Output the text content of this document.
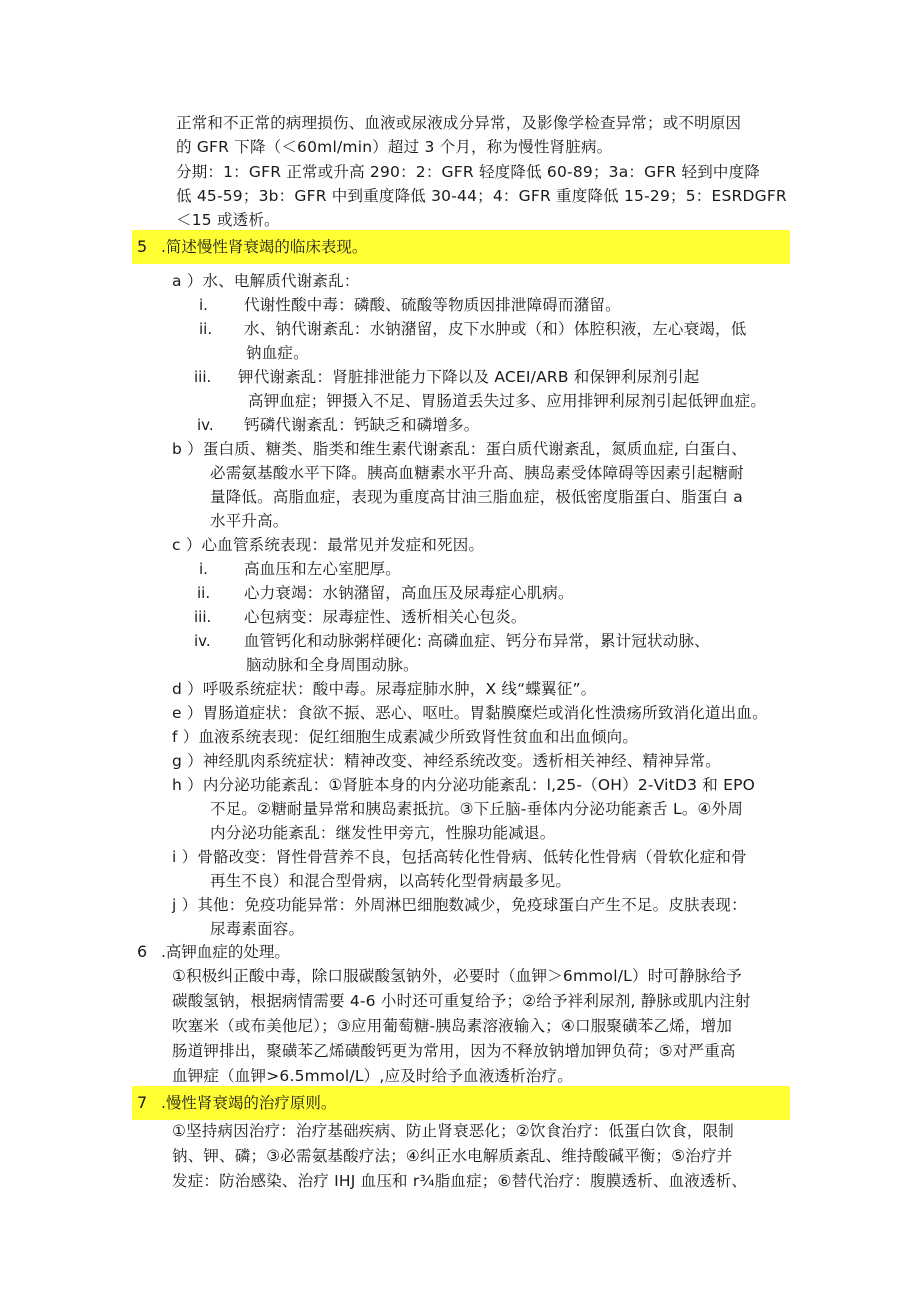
正常和不正常的病理损伤、血液或尿液成分异常，及影像学检查异常；或不明原因
的 GFR 下降（＜60ml/min）超过 3 个月，称为慢性肾脏病。
分期：1：GFR 正常或升高 290：2：GFR 轻度降低 60-89；3a：GFR 轻到中度降
低 45-59；3b：GFR 中到重度降低 30-44；4：GFR 重度降低 15-29；5：ESRDGFR
＜15 或透析。
5 .简述慢性肾衰竭的临床表现。
a ）水、电解质代谢紊乱：
i. 代谢性酸中毒：磷酸、硫酸等物质因排泄障碍而潴留。
ii. 水、钠代谢紊乱：水钠潴留，皮下水肿或（和）体腔积液，左心衰竭，低
钠血症。
iii. 钾代谢紊乱：肾脏排泄能力下降以及 ACEI/ARB 和保钾利尿剂引起
高钾血症；钾摄入不足、胃肠道丢失过多、应用排钾利尿剂引起低钾血症。
iv. 钙磷代谢紊乱：钙缺乏和磷增多。
b ）蛋白质、糖类、脂类和维生素代谢紊乱：蛋白质代谢紊乱，氮质血症, 白蛋白、
必需氨基酸水平下降。胰高血糖素水平升高、胰岛素受体障碍等因素引起糖耐
量降低。高脂血症，表现为重度高甘油三脂血症，极低密度脂蛋白、脂蛋白 a
水平升高。
c ）心血管系统表现：最常见并发症和死因。
i. 高血压和左心室肥厚。
ii. 心力衰竭：水钠潴留，高血压及尿毒症心肌病。
iii. 心包病变：尿毒症性、透析相关心包炎。
iv. 血管钙化和动脉粥样硬化: 高磷血症、钙分布异常，累计冠状动脉、
脑动脉和全身周围动脉。
d ）呼吸系统症状：酸中毒。尿毒症肺水肿，X 线“蝶翼征”。
e ）胃肠道症状：食欲不振、恶心、呕吐。胃黏膜糜烂或消化性溃疡所致消化道出血。
f ）血液系统表现：促红细胞生成素减少所致肾性贫血和出血倾向。
g ）神经肌肉系统症状：精神改变、神经系统改变。透析相关神经、精神异常。
h ）内分泌功能紊乱：①肾脏本身的内分泌功能紊乱：l,25-（OH）2-VitD3 和 EPO
不足。②糖耐量异常和胰岛素抵抗。③下丘脑-垂体内分泌功能紊舌 L。④外周
内分泌功能紊乱：继发性甲旁亢，性腺功能减退。
i ）骨骼改变：肾性骨营养不良，包括高转化性骨病、低转化性骨病（骨软化症和骨
再生不良）和混合型骨病，以高转化型骨病最多见。
j ）其他：免疫功能异常：外周淋巴细胞数减少，免疫球蛋白产生不足。皮肤表现：
尿毒素面容。
6 .高钾血症的处理。
①积极纠正酸中毒，除口服碳酸氢钠外，必要时（血钾＞6mmol/L）时可静脉给予
碳酸氢钠，根据病情需要 4-6 小时还可重复给予；②给予袢利尿剂, 静脉或肌内注射
吹塞米（或布美他尼）；③应用葡萄糖-胰岛素溶液输入；④口服聚磺苯乙烯，增加
肠道钾排出，聚磺苯乙烯磺酸钙更为常用，因为不释放钠增加钾负荷；⑤对严重高
血钾症（血钾>6.5mmol/L）,应及时给予血液透析治疗。
7 .慢性肾衰竭的治疗原则。
①坚持病因治疗：治疗基础疾病、防止肾衰恶化；②饮食治疗：低蛋白饮食，限制
钠、钾、磷；③必需氨基酸疗法；④纠正水电解质紊乱、维持酸碱平衡；⑤治疗并
发症：防治感染、治疗 IHJ 血压和 r¾脂血症；⑥替代治疗：腹膜透析、血液透析、
